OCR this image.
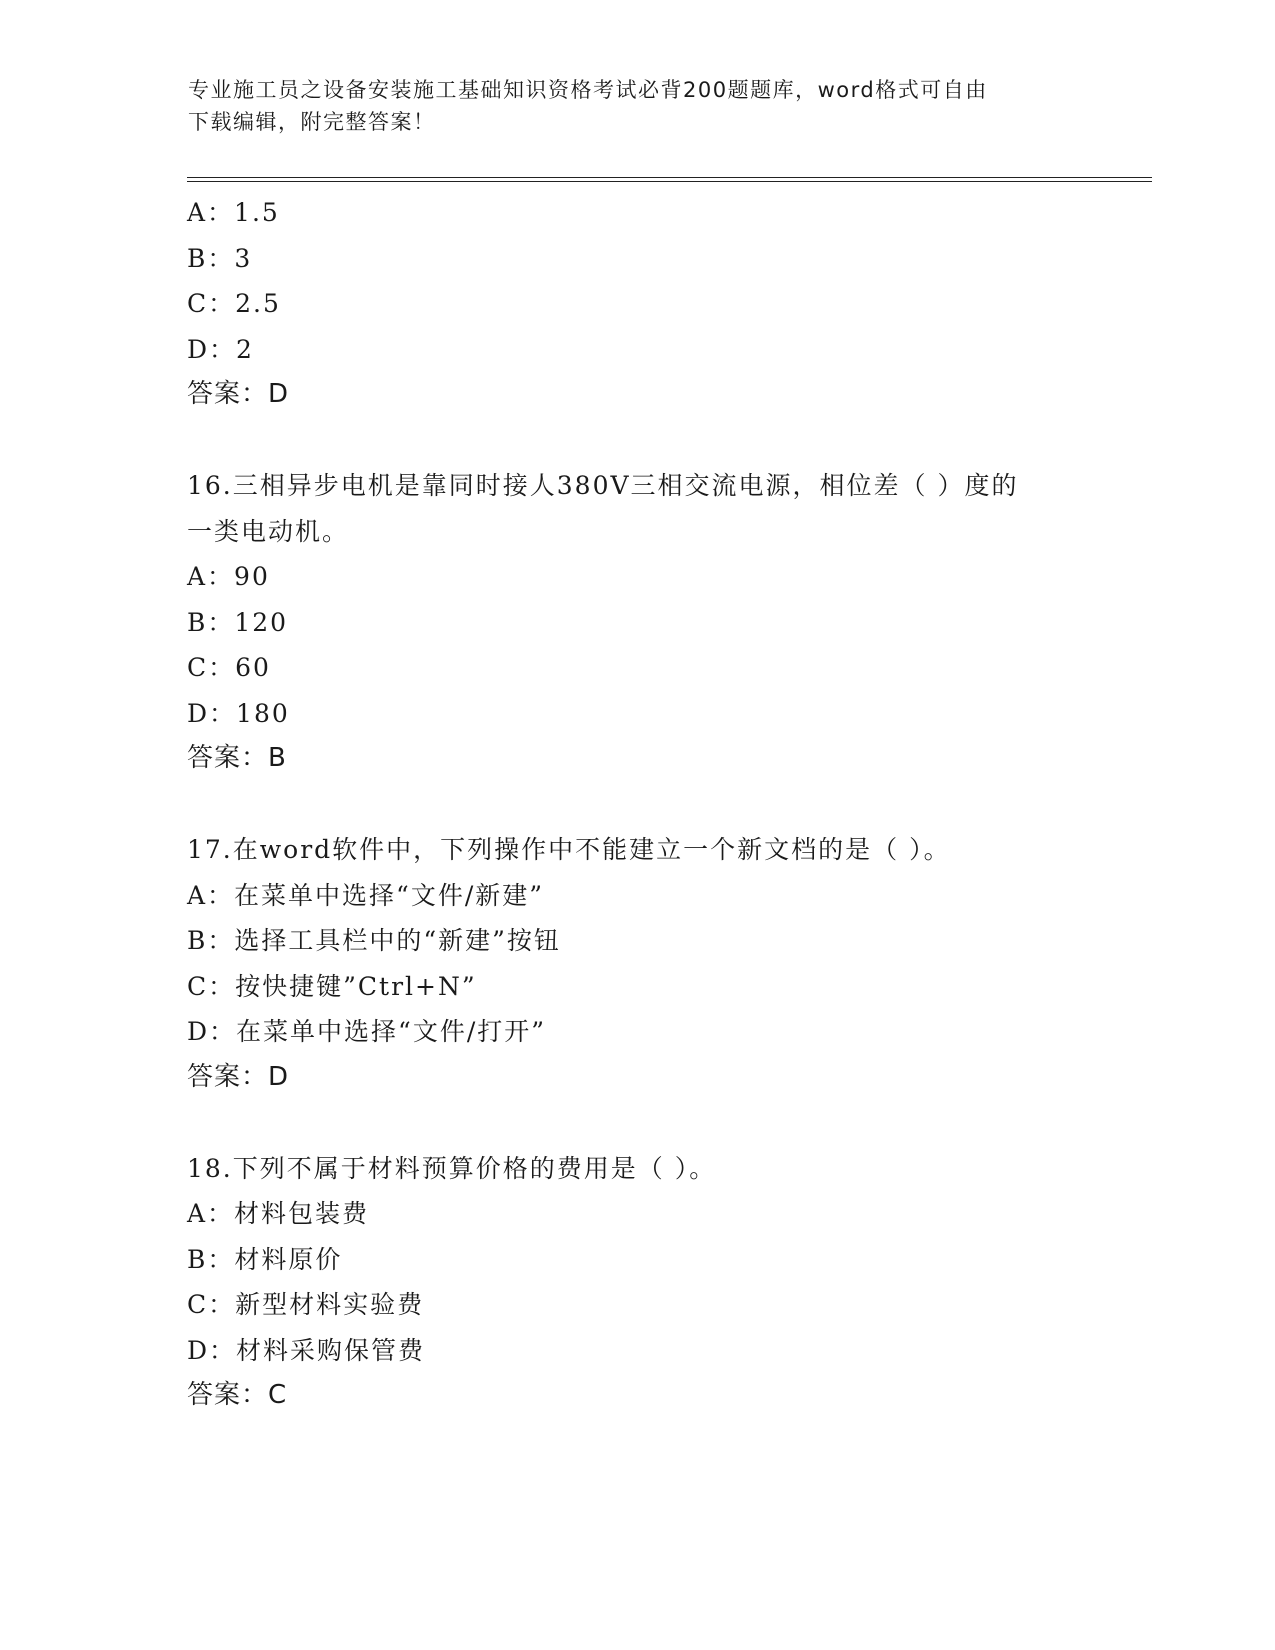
专业施工员之设备安装施工基础知识资格考试必背200题题库，word格式可自由
下载编辑，附完整答案！
A：1.5
B：3
C：2.5
D：2
答案：D
16.三相异步电机是靠同时接人380V三相交流电源，相位差（ ）度的
一类电动机。
A：90
B：120
C：60
D：180
答案：B
17.在word软件中，下列操作中不能建立一个新文档的是（ ）。
A：在菜单中选择“文件/新建”
B：选择工具栏中的“新建”按钮
C：按快捷键”Ctrl+N”
D：在菜单中选择“文件/打开”
答案：D
18.下列不属于材料预算价格的费用是（ ）。
A：材料包装费
B：材料原价
C：新型材料实验费
D：材料采购保管费
答案：C
